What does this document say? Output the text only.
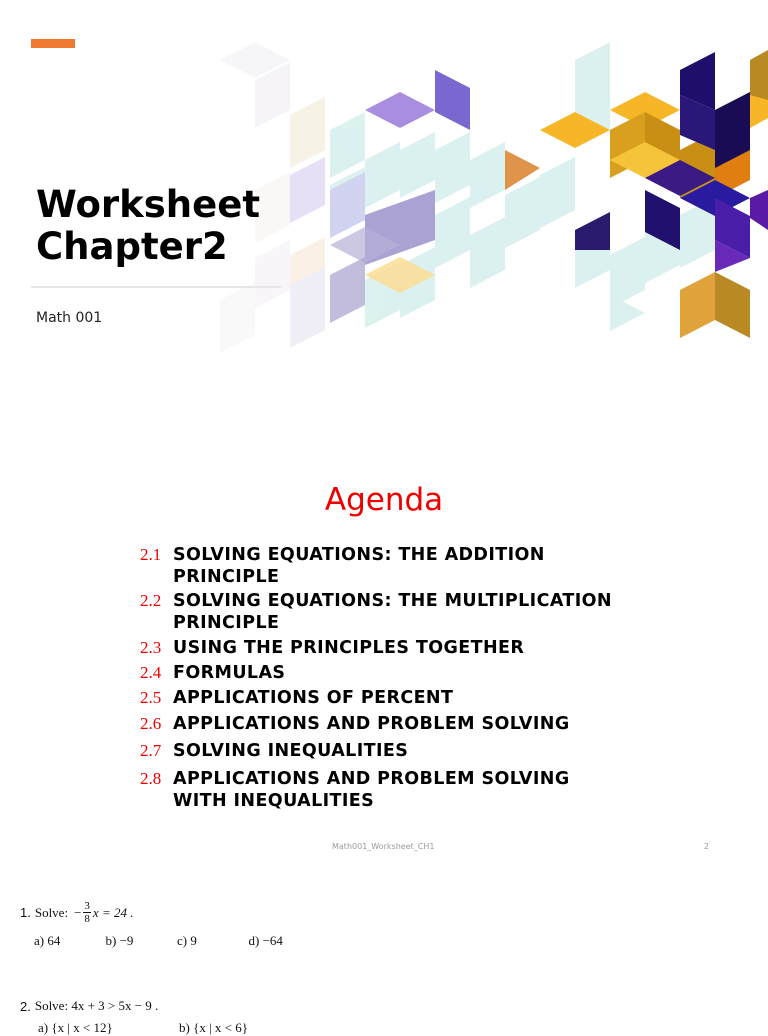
Worksheet
Chapter2
Math 001
Agenda
2.1 SOLVING EQUATIONS: THE ADDITION PRINCIPLE
2.2 SOLVING EQUATIONS: THE MULTIPLICATION PRINCIPLE
2.3 USING THE PRINCIPLES TOGETHER
2.4 FORMULAS
2.5 APPLICATIONS OF PERCENT
2.6 APPLICATIONS AND PROBLEM SOLVING
2.7 SOLVING INEQUALITIES
2.8 APPLICATIONS AND PROBLEM SOLVING WITH INEQUALITIES
Math001_Worksheet_CH1	2
1. Solve: − $\frac{3}{8}$ x = 24 .
a) 64	b) −9	c) 9	d) −64
2. Solve: 4x + 3 > 5x − 9 .
a) {x | x < 12}	b) {x | x < 6}
